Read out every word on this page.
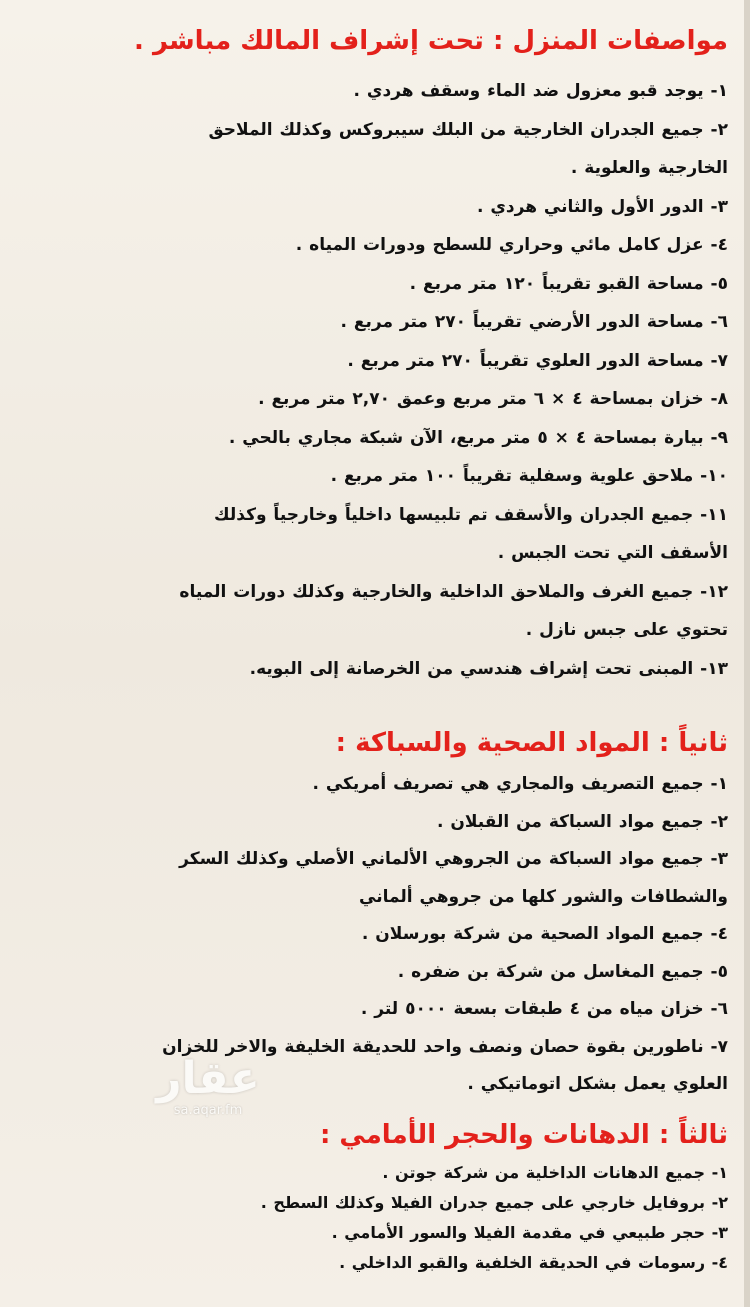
مواصفات المنزل : تحت إشراف المالك مباشر .
١- يوجد قبو معزول ضد الماء وسقف هردي .
٢- جميع الجدران الخارجية من البلك سيبروكس وكذلك الملاحق
الخارجية والعلوية .
٣- الدور الأول والثاني هردي .
٤- عزل كامل مائي وحراري للسطح ودورات المياه .
٥- مساحة القبو تقريباً ١٢٠ متر مربع .
٦- مساحة الدور الأرضي تقريباً ٢٧٠ متر مربع .
٧- مساحة الدور العلوي تقريباً ٢٧٠ متر مربع .
٨- خزان بمساحة ٤ × ٦ متر مربع وعمق ٢,٧٠ متر مربع .
٩- بيارة بمساحة ٤ × ٥ متر مربع، الآن شبكة مجاري بالحي .
١٠- ملاحق علوية وسفلية تقريباً ١٠٠ متر مربع .
١١- جميع الجدران والأسقف تم تلبيسها داخلياً وخارجياً وكذلك
الأسقف التي تحت الجبس .
١٢- جميع الغرف والملاحق الداخلية والخارجية وكذلك دورات المياه
تحتوي على جبس نازل .
١٣- المبنى تحت إشراف هندسي من الخرصانة إلى البويه.
ثانياً : المواد الصحية والسباكة :
١- جميع التصريف والمجاري هي تصريف أمريكي .
٢- جميع مواد السباكة من القبلان .
٣- جميع مواد السباكة من الجروهي الألماني الأصلي وكذلك السكر
والشطافات والشور كلها من جروهي ألماني
٤- جميع المواد الصحية من شركة بورسلان .
٥- جميع المغاسل من شركة بن ضفره .
٦- خزان مياه من ٤ طبقات بسعة ٥٠٠٠ لتر .
٧- ناطورين بقوة حصان ونصف واحد للحديقة الخليفة والاخر للخزان
العلوي يعمل بشكل اتوماتيكي .
ثالثاً : الدهانات والحجر الأمامي :
١- جميع الدهانات الداخلية من شركة جوتن .
٢- بروفايل خارجي على جميع جدران الفيلا وكذلك السطح .
٣- حجر طبيعي في مقدمة الفيلا والسور الأمامي .
٤- رسومات في الحديقة الخلفية والقبو الداخلي .
عقار
sa.aqar.fm
